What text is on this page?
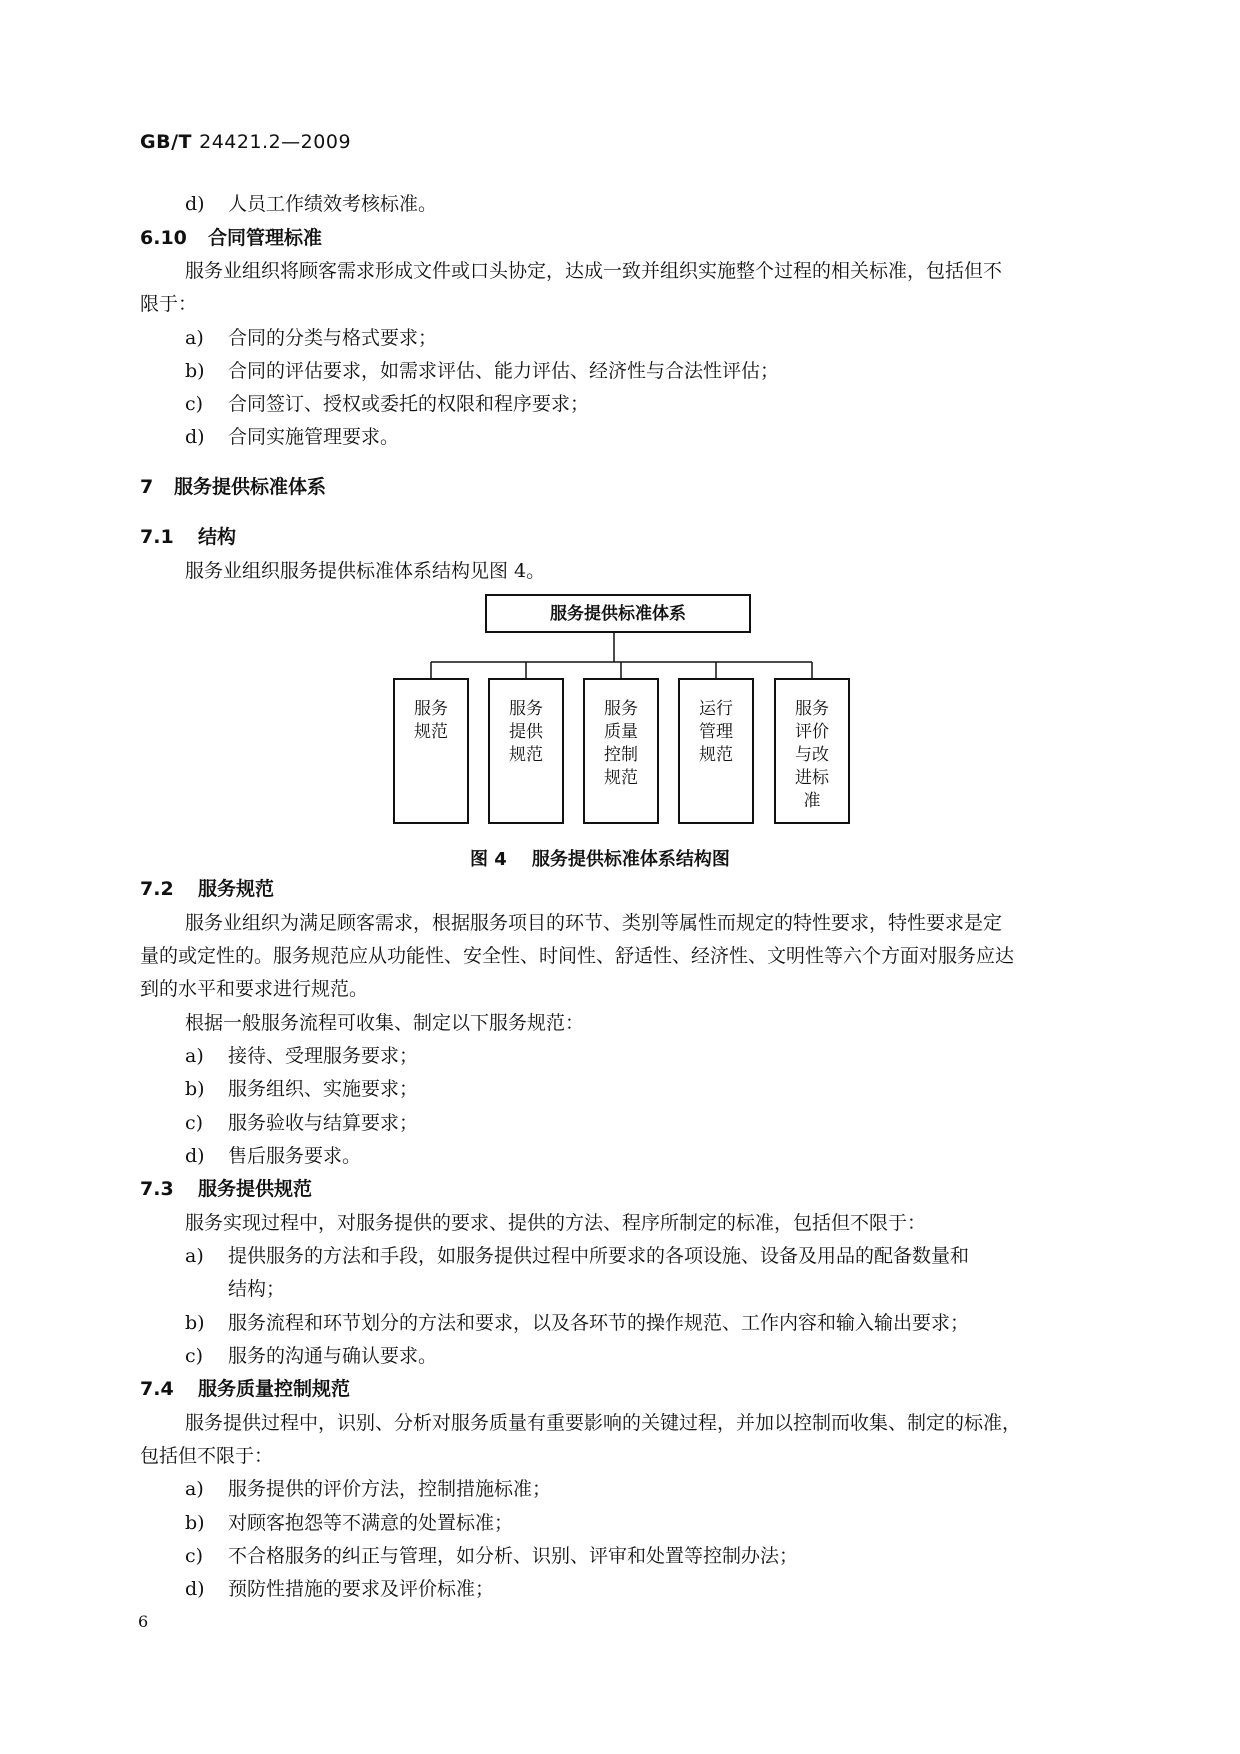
GB/T 24421.2—2009
d) 人员工作绩效考核标准。
6.10 合同管理标准
服务业组织将顾客需求形成文件或口头协定，达成一致并组织实施整个过程的相关标准，包括但不
限于：
a) 合同的分类与格式要求；
b) 合同的评估要求，如需求评估、能力评估、经济性与合法性评估；
c) 合同签订、授权或委托的权限和程序要求；
d) 合同实施管理要求。
7 服务提供标准体系
7.1 结构
服务业组织服务提供标准体系结构见图 4。
服务提供标准体系
服务
规范
服务
提供
规范
服务
质量
控制
规范
运行
管理
规范
服务
评价
与改
进标
准
图 4    服务提供标准体系结构图
7.2 服务规范
服务业组织为满足顾客需求，根据服务项目的环节、类别等属性而规定的特性要求，特性要求是定
量的或定性的。服务规范应从功能性、安全性、时间性、舒适性、经济性、文明性等六个方面对服务应达
到的水平和要求进行规范。
根据一般服务流程可收集、制定以下服务规范：
a) 接待、受理服务要求；
b) 服务组织、实施要求；
c) 服务验收与结算要求；
d) 售后服务要求。
7.3 服务提供规范
服务实现过程中，对服务提供的要求、提供的方法、程序所制定的标准，包括但不限于：
a) 提供服务的方法和手段，如服务提供过程中所要求的各项设施、设备及用品的配备数量和
结构；
b) 服务流程和环节划分的方法和要求，以及各环节的操作规范、工作内容和输入输出要求；
c) 服务的沟通与确认要求。
7.4 服务质量控制规范
服务提供过程中，识别、分析对服务质量有重要影响的关键过程，并加以控制而收集、制定的标准，
包括但不限于：
a) 服务提供的评价方法，控制措施标准；
b) 对顾客抱怨等不满意的处置标准；
c) 不合格服务的纠正与管理，如分析、识别、评审和处置等控制办法；
d) 预防性措施的要求及评价标准；
6
